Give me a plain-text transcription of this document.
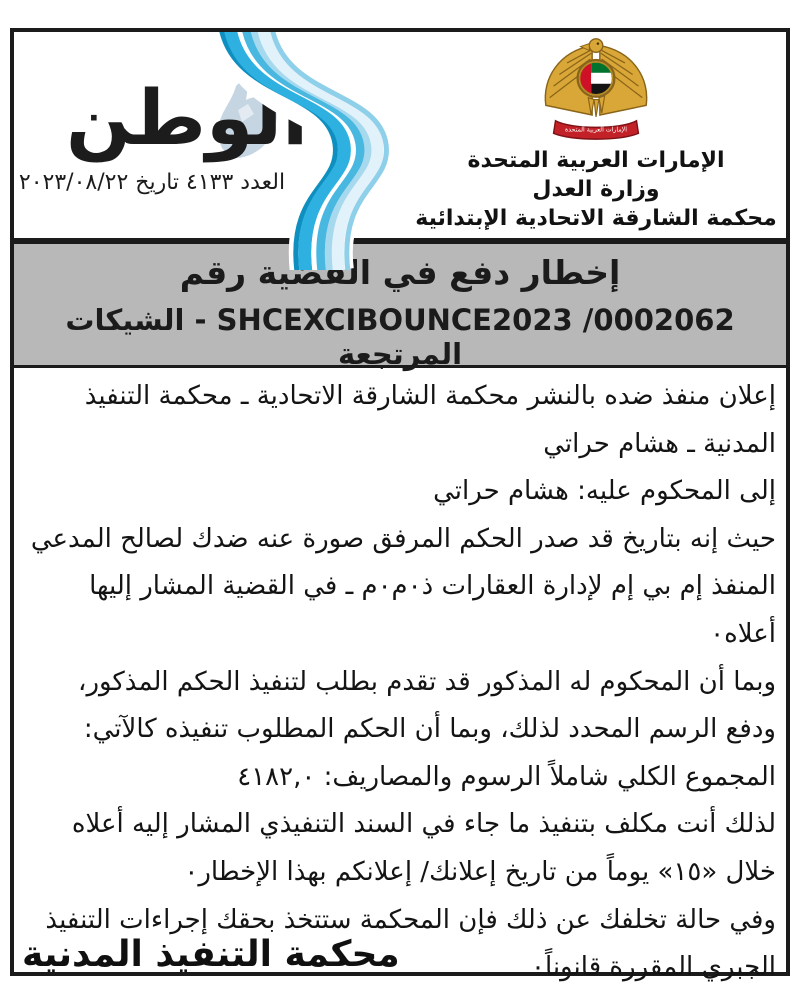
الوطن
العدد ٤١٣٣ تاريخ ٢٠٢٣/٠٨/٢٢
الإمارات العربية المتحدة

الإمارات العربية المتحدة

وزارة العدل

محكمة الشارقة الاتحادية الإبتدائية

إخطار دفع في القضية رقم
SHCEXCIBOUNCE2023 /0002062 - الشيكات المرتجعة
إعلان منفذ ضده بالنشر محكمة الشارقة الاتحادية ـ محكمة التنفيذ
المدنية ـ هشام حراتي
إلى المحكوم عليه: هشام حراتي
حيث إنه بتاريخ قد صدر الحكم المرفق صورة عنه ضدك لصالح المدعي
المنفذ إم بي إم لإدارة العقارات ذ٠م٠م ـ في القضية المشار إليها أعلاه٠
وبما أن المحكوم له المذكور قد تقدم بطلب لتنفيذ الحكم المذكور،
ودفع الرسم المحدد لذلك، وبما أن الحكم المطلوب تنفيذه كالآتي:
المجموع الكلي شاملاً الرسوم والمصاريف: ٤١٨٢,٠
لذلك أنت مكلف بتنفيذ ما جاء في السند التنفيذي المشار إليه أعلاه
خلال «١٥» يوماً من تاريخ إعلانك/ إعلانكم بهذا الإخطار٠
وفي حالة تخلفك عن ذلك فإن المحكمة ستتخذ بحقك إجراءات التنفيذ
الجبري المقررة قانوناً٠
محكمة التنفيذ المدنية
